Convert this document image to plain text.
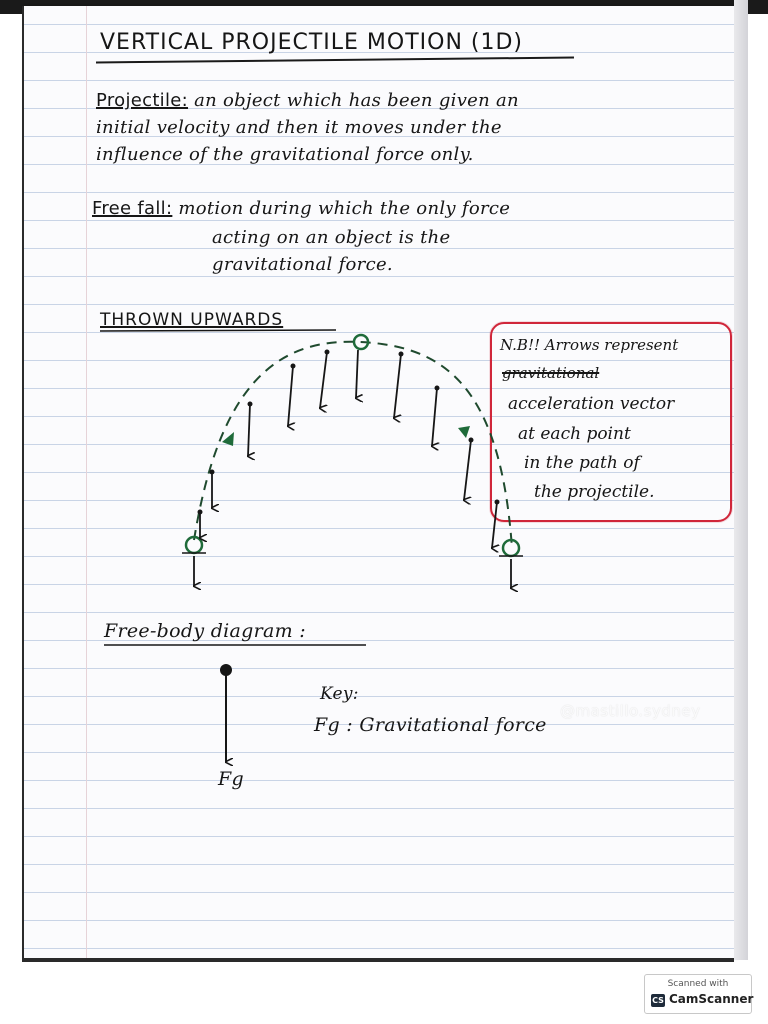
VERTICAL PROJECTILE MOTION (1D)
Projectile: an object which has been given an
initial velocity and then it moves under the
influence of the gravitational force only.
Free fall: motion during which the only force
acting on an object is the
gravitational force.
THROWN UPWARDS
N.B!! Arrows represent
gravitational
acceleration vector
at each point
in the path of
the projectile.
Free-body diagram :
Fg
Key:
Fg : Gravitational force
@mastillo.sydney
Scanned with
CS CamScanner
